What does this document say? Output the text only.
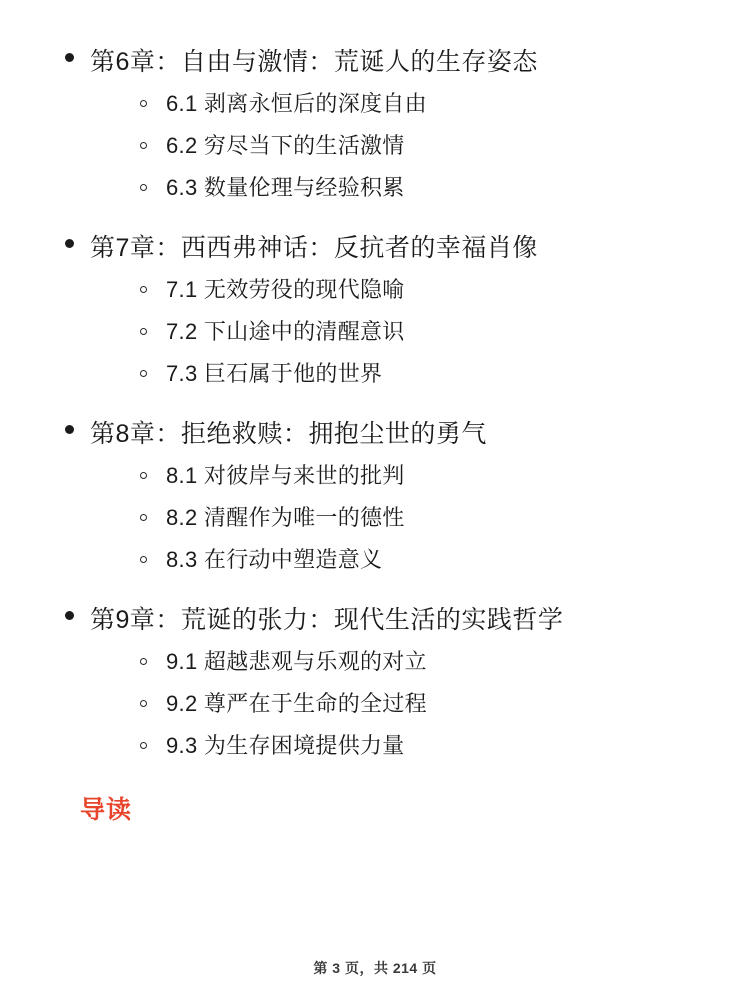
第6章：自由与激情：荒诞人的生存姿态
6.1 剥离永恒后的深度自由
6.2 穷尽当下的生活激情
6.3 数量伦理与经验积累
第7章：西西弗神话：反抗者的幸福肖像
7.1 无效劳役的现代隐喻
7.2 下山途中的清醒意识
7.3 巨石属于他的世界
第8章：拒绝救赎：拥抱尘世的勇气
8.1 对彼岸与来世的批判
8.2 清醒作为唯一的德性
8.3 在行动中塑造意义
第9章：荒诞的张力：现代生活的实践哲学
9.1 超越悲观与乐观的对立
9.2 尊严在于生命的全过程
9.3 为生存困境提供力量
导读
第 3 页，共 214 页
